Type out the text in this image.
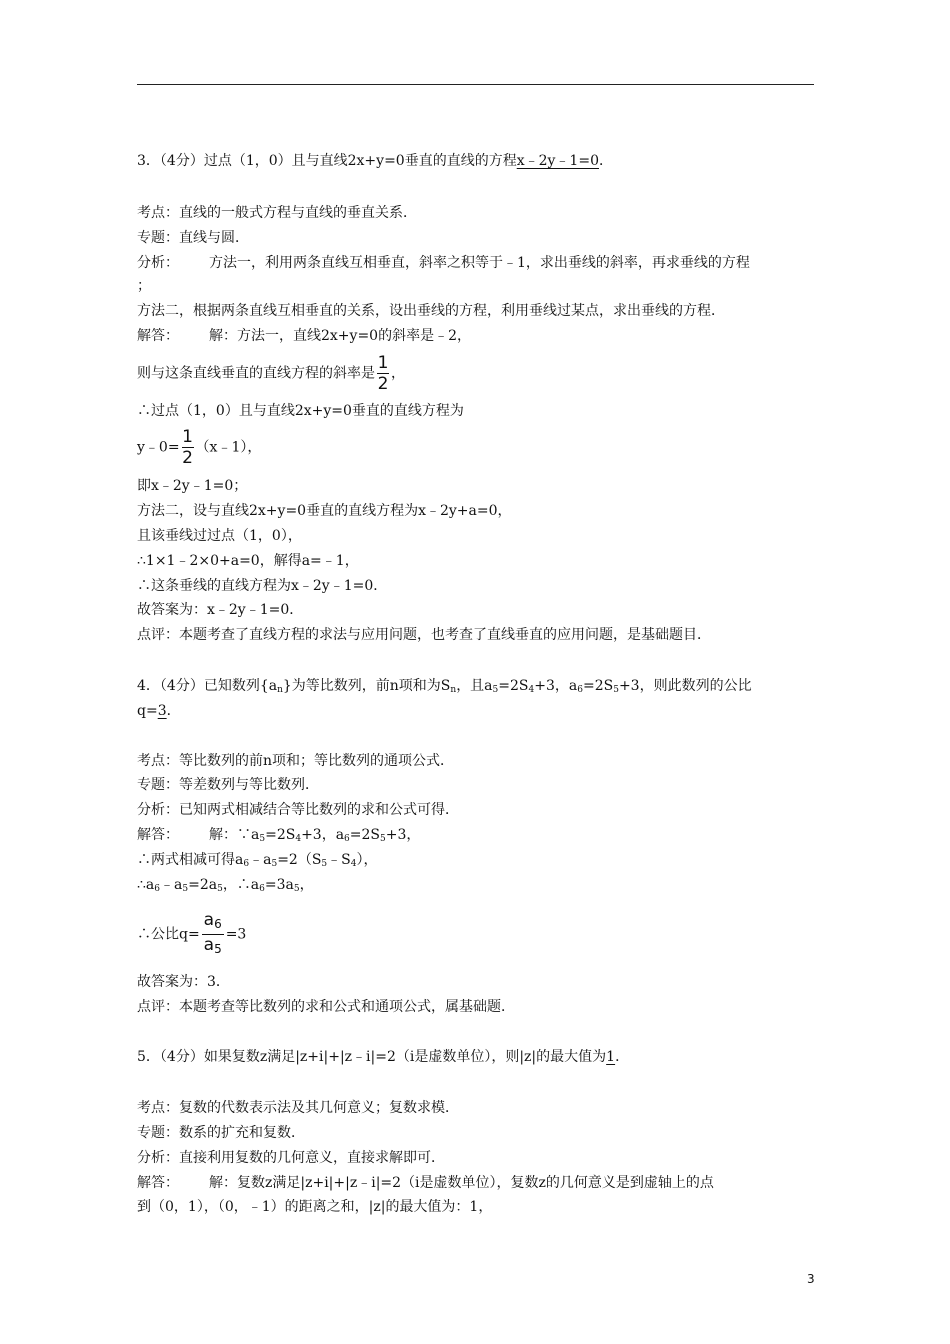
3．（4分）过点（1，0）且与直线2x+y=0垂直的直线的方程x﹣2y﹣1=0．
考点：直线的一般式方程与直线的垂直关系．
专题：直线与圆．
分析： 方法一，利用两条直线互相垂直，斜率之积等于﹣1，求出垂线的斜率，再求垂线的方程
；
方法二，根据两条直线互相垂直的关系，设出垂线的方程，利用垂线过某点，求出垂线的方程．
解答： 解：方法一，直线2x+y=0的斜率是﹣2，
则与这条直线垂直的直线方程的斜率是 $\frac{1}{2}$ ，
∴过点（1，0）且与直线2x+y=0垂直的直线方程为
y﹣0= $\frac{1}{2}$ （x﹣1），
即x﹣2y﹣1=0；
方法二，设与直线2x+y=0垂直的直线方程为x﹣2y+a=0，
且该垂线过过点（1，0），
∴1×1﹣2×0+a=0，解得a=﹣1，
∴这条垂线的直线方程为x﹣2y﹣1=0．
故答案为：x﹣2y﹣1=0．
点评：本题考查了直线方程的求法与应用问题，也考查了直线垂直的应用问题，是基础题目．
4．（4分）已知数列$\{a_n\}$为等比数列，前n项和为$S_n$，且$a_5=2S_4+3$，$a_6=2S_5+3$，则此数列的公比
q=3．
考点：等比数列的前n项和；等比数列的通项公式．
专题：等差数列与等比数列．
分析：已知两式相减结合等比数列的求和公式可得．
解答： 解：$\because a_5=2S_4+3$，$a_6=2S_5+3$，
∴两式相减可得$a_6﹣a_5=2(S_5﹣S_4)$，
$\therefore a_6﹣a_5=2a_5$，$\therefore a_6=3a_5$，
∴公比$q= \frac{a_6}{a_5} =3$
故答案为：3．
点评：本题考查等比数列的求和公式和通项公式，属基础题．
5．（4分）如果复数z满足|z+i|+|z﹣i|=2（i是虚数单位），则|z|的最大值为1．
考点：复数的代数表示法及其几何意义；复数求模．
专题：数系的扩充和复数．
分析：直接利用复数的几何意义，直接求解即可．
解答： 解：复数z满足|z+i|+|z﹣i|=2（i是虚数单位），复数z的几何意义是到虚轴上的点
到（0，1），（0，﹣1）的距离之和，|z|的最大值为：1，
3
